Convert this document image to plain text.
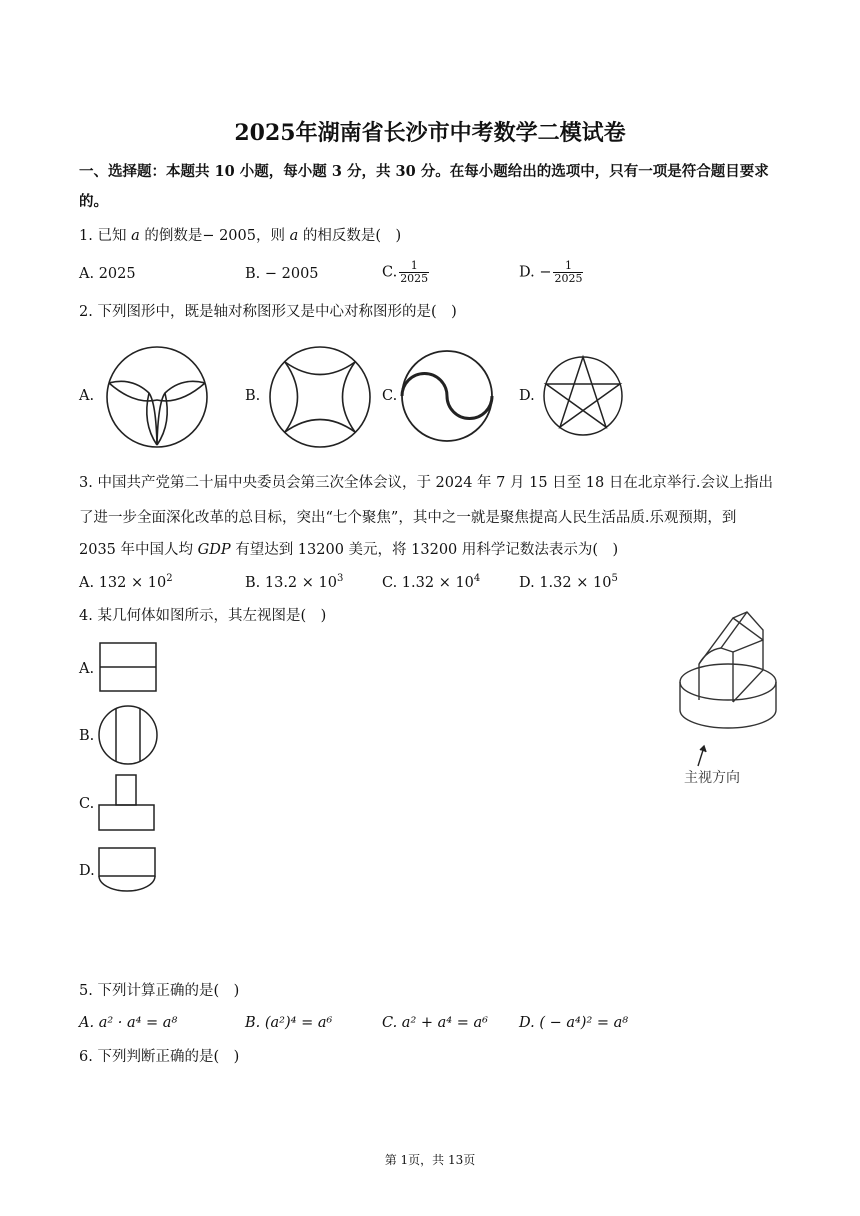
2025年湖南省长沙市中考数学二模试卷
一、选择题：本题共 10 小题，每小题 3 分，共 30 分。在每小题给出的选项中，只有一项是符合题目要求
的。
1. 已知 a 的倒数是− 2005，则 a 的相反数是(　)
A. 2025	B. − 2005	C. $\frac{1}{2025}$	D. − $\frac{1}{2025}$
2. 下列图形中，既是轴对称图形又是中心对称图形的是(　)
A.	B.	C.	D.
3. 中国共产党第二十届中央委员会第三次全体会议，于 2024 年 7 月 15 日至 18 日在北京举行.会议上指出
了进一步全面深化改革的总目标，突出“七个聚焦”，其中之一就是聚焦提高人民生活品质.乐观预期，到
2035 年中国人均 GDP 有望达到 13200 美元，将 13200 用科学记数法表示为(　)
A. $132 \times 10^2$	B. $13.2 \times 10^3$	C. $1.32 \times 10^4$	D. $1.32 \times 10^5$
4. 某几何体如图所示，其左视图是(　)
A.
B.
C.
D.
主视方向
5. 下列计算正确的是(　)
A. a² · a⁴ = a⁸	B. (a²)⁴ = a⁶	C. a² + a⁴ = a⁶ D. ( − a⁴)² = a⁸
6. 下列判断正确的是(　)
第 1页，共 13页
